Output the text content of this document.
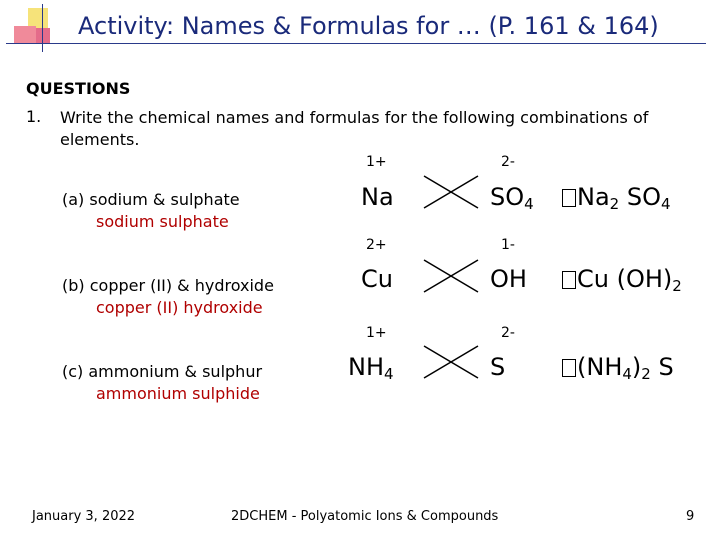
Activity: Names & Formulas for … (P. 161 & 164)
QUESTIONS
1. Write the chemical names and formulas for the following combinations of elements.
(a) sodium & sulphate
sodium sulphate
1+	2-
Na	$SO_4$	$Na_2$ $SO_4$
(b) copper (II) & hydroxide
copper (II) hydroxide
2+	1-
Cu	OH	Cu $(OH)_2$
(c) ammonium & sulphur
ammonium sulphide
1+	2-
$NH_4$	S	$(NH_4)_2$ S
January 3, 2022	2DCHEM - Polyatomic Ions & Compounds	9
